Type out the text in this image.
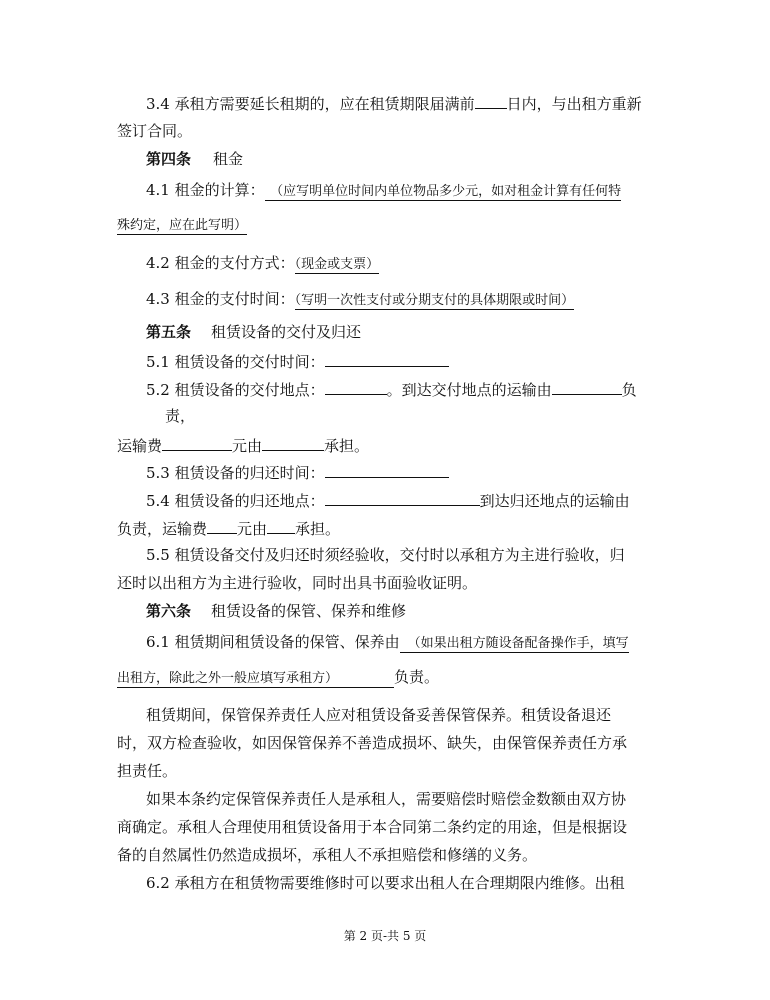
3.4 承租方需要延长租期的，应在租赁期限届满前 日内，与出租方重新
签订合同。
第四条 租金
4.1 租金的计算： （应写明单位时间内单位物品多少元，如对租金计算有任何特
殊约定，应在此写明）
4.2 租金的支付方式：（现金或支票）
4.3 租金的支付时间：（写明一次性支付或分期支付的具体期限或时间）
第五条 租赁设备的交付及归还
5.1 租赁设备的交付时间：
5.2 租赁设备的交付地点：	。到达交付地点的运输由	负
责，
运输费	元由	承担。
5.3 租赁设备的归还时间：
5.4 租赁设备的归还地点：	到达归还地点的运输由
负责，运输费 元由 承担。
5.5 租赁设备交付及归还时须经验收，交付时以承租方为主进行验收，归
还时以出租方为主进行验收，同时出具书面验收证明。
第六条 租赁设备的保管、保养和维修
6.1 租赁期间租赁设备的保管、保养由 （如果出租方随设备配备操作手，填写
出租方，除此之外一般应填写承租方）	负责。
租赁期间，保管保养责任人应对租赁设备妥善保管保养。租赁设备退还
时，双方检查验收，如因保管保养不善造成损坏、缺失，由保管保养责任方承
担责任。
如果本条约定保管保养责任人是承租人，需要赔偿时赔偿金数额由双方协
商确定。承租人合理使用租赁设备用于本合同第二条约定的用途，但是根据设
备的自然属性仍然造成损坏，承租人不承担赔偿和修缮的义务。
6.2 承租方在租赁物需要维修时可以要求出租人在合理期限内维修。出租
第 2 页-共 5 页
